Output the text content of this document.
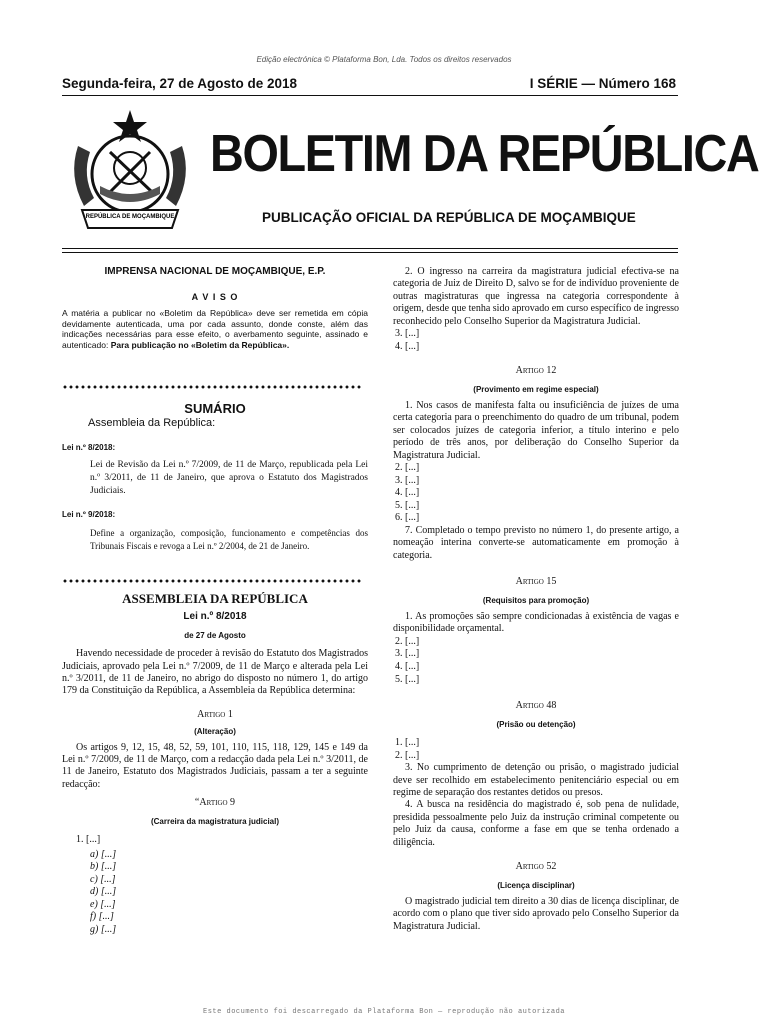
Edição electrónica © Plataforma Bon, Lda. Todos os direitos reservados
Segunda-feira, 27 de Agosto de 2018	I SÉRIE — Número 168
REPÚBLICA DE MOÇAMBIQUE
BOLETIM DA REPÚBLICA
PUBLICAÇÃO OFICIAL DA REPÚBLICA DE MOÇAMBIQUE
IMPRENSA NACIONAL DE MOÇAMBIQUE, E.P.
A V I S O
A matéria a publicar no «Boletim da República» deve ser remetida em cópia devidamente autenticada, uma por cada assunto, donde conste, além das indicações necessárias para esse efeito, o averbamento seguinte, assinado e autenticado: Para publicação no «Boletim da República».
SUMÁRIO
Assembleia da República:
Lei n.º 8/2018:
Lei de Revisão da Lei n.º 7/2009, de 11 de Março, republicada pela Lei n.º 3/2011, de 11 de Janeiro, que aprova o Estatuto dos Magistrados Judiciais.
Lei n.º 9/2018:
Define a organização, composição, funcionamento e competências dos Tribunais Fiscais e revoga a Lei n.º 2/2004, de 21 de Janeiro.
ASSEMBLEIA DA REPÚBLICA
Lei n.º 8/2018
de 27 de Agosto
Havendo necessidade de proceder à revisão do Estatuto dos Magistrados Judiciais, aprovado pela Lei n.º 7/2009, de 11 de Março e alterada pela Lei n.º 3/2011, de 11 de Janeiro, no abrigo do disposto no número 1, do artigo 179 da Constituição da República, a Assembleia da República determina:
Artigo 1
(Alteração)
Os artigos 9, 12, 15, 48, 52, 59, 101, 110, 115, 118, 129, 145 e 149 da Lei n.º 7/2009, de 11 de Março, com a redacção dada pela Lei n.º 3/2011, de 11 de Janeiro, Estatuto dos Magistrados Judiciais, passam a ter a seguinte redacção:
“Artigo 9
(Carreira da magistratura judicial)
1. [...]
a) [...]
b) [...]
c) [...]
d) [...]
e) [...]
f) [...]
g) [...]
2. O ingresso na carreira da magistratura judicial efectiva-se na categoria de Juiz de Direito D, salvo se for de indivíduo proveniente de outras magistraturas que ingressa na categoria correspondente à origem, desde que tenha sido aprovado em curso específico de ingresso reconhecido pelo Conselho Superior da Magistratura Judicial.
3. [...]
4. [...]
Artigo 12
(Provimento em regime especial)
1. Nos casos de manifesta falta ou insuficiência de juízes de uma certa categoria para o preenchimento do quadro de um tribunal, podem ser colocados juízes de categoria inferior, a título interino e pelo período de três anos, por deliberação do Conselho Superior da Magistratura Judicial.
2. [...]
3. [...]
4. [...]
5. [...]
6. [...]
7. Completado o tempo previsto no número 1, do presente artigo, a nomeação interina converte-se automaticamente em promoção à categoria.
Artigo 15
(Requisitos para promoção)
1. As promoções são sempre condicionadas à existência de vagas e disponibilidade orçamental.
2. [...]
3. [...]
4. [...]
5. [...]
Artigo 48
(Prisão ou detenção)
1. [...]
2. [...]
3. No cumprimento de detenção ou prisão, o magistrado judicial deve ser recolhido em estabelecimento penitenciário especial ou em regime de separação dos restantes detidos ou presos.
4. A busca na residência do magistrado é, sob pena de nulidade, presidida pessoalmente pelo Juiz da instrução criminal competente ou pelo Juiz da causa, conforme a fase em que se tenha ordenado a diligência.
Artigo 52
(Licença disciplinar)
O magistrado judicial tem direito a 30 dias de licença disciplinar, de acordo com o plano que tiver sido aprovado pelo Conselho Superior da Magistratura Judicial.
Este documento foi descarregado da Plataforma Bon — reprodução não autorizada
